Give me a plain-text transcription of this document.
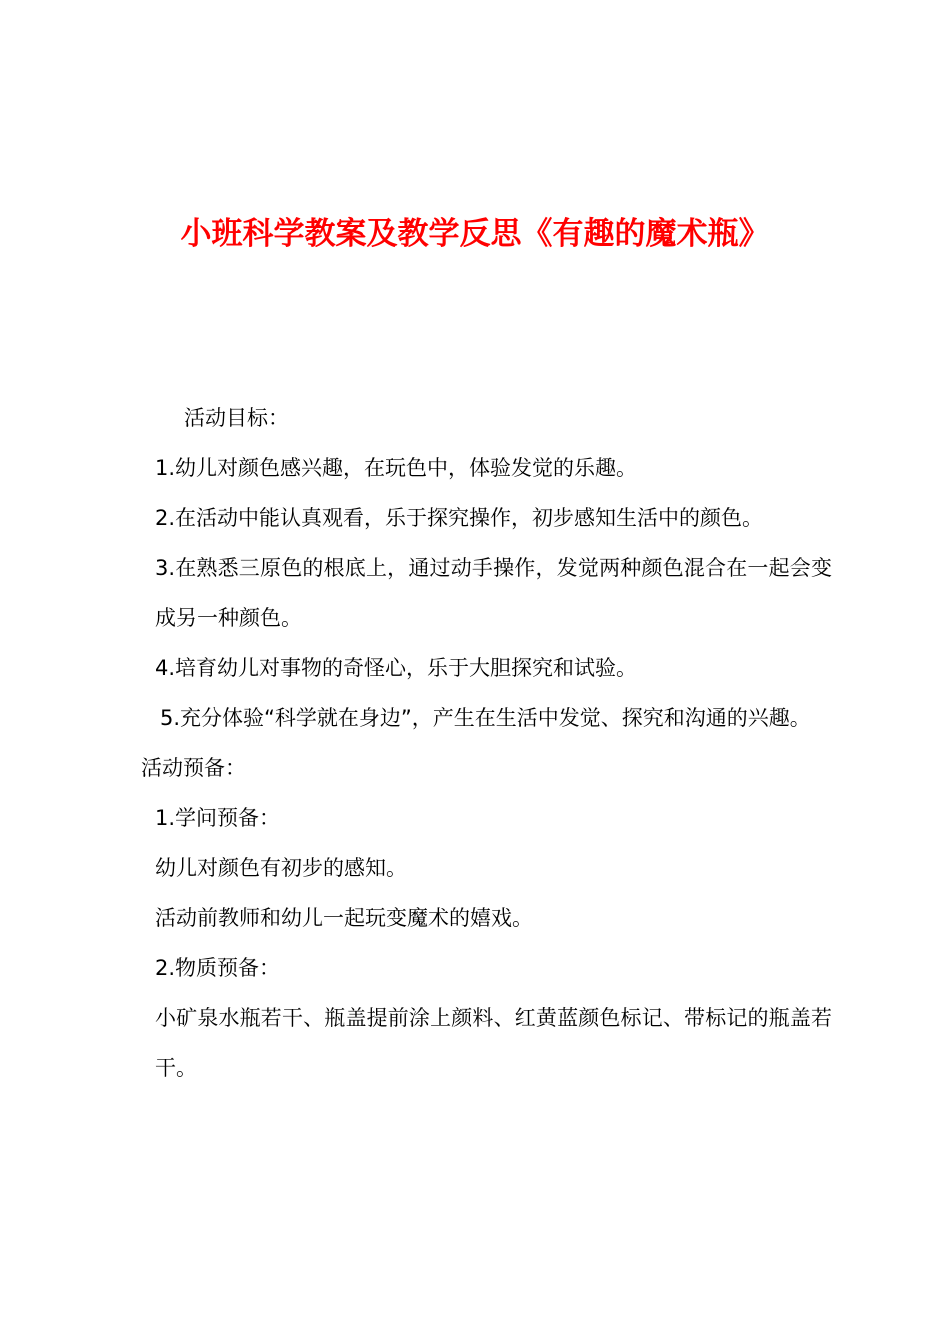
小班科学教案及教学反思《有趣的魔术瓶》

活动目标：

1.幼儿对颜色感兴趣，在玩色中，体验发觉的乐趣。

2.在活动中能认真观看，乐于探究操作，初步感知生活中的颜色。

3.在熟悉三原色的根底上，通过动手操作，发觉两种颜色混合在一起会变成另一种颜色。

4.培育幼儿对事物的奇怪心，乐于大胆探究和试验。

5.充分体验“科学就在身边”，产生在生活中发觉、探究和沟通的兴趣。

活动预备：

1.学问预备：

幼儿对颜色有初步的感知。

活动前教师和幼儿一起玩变魔术的嬉戏。

2.物质预备：

小矿泉水瓶若干、瓶盖提前涂上颜料、红黄蓝颜色标记、带标记的瓶盖若干。
